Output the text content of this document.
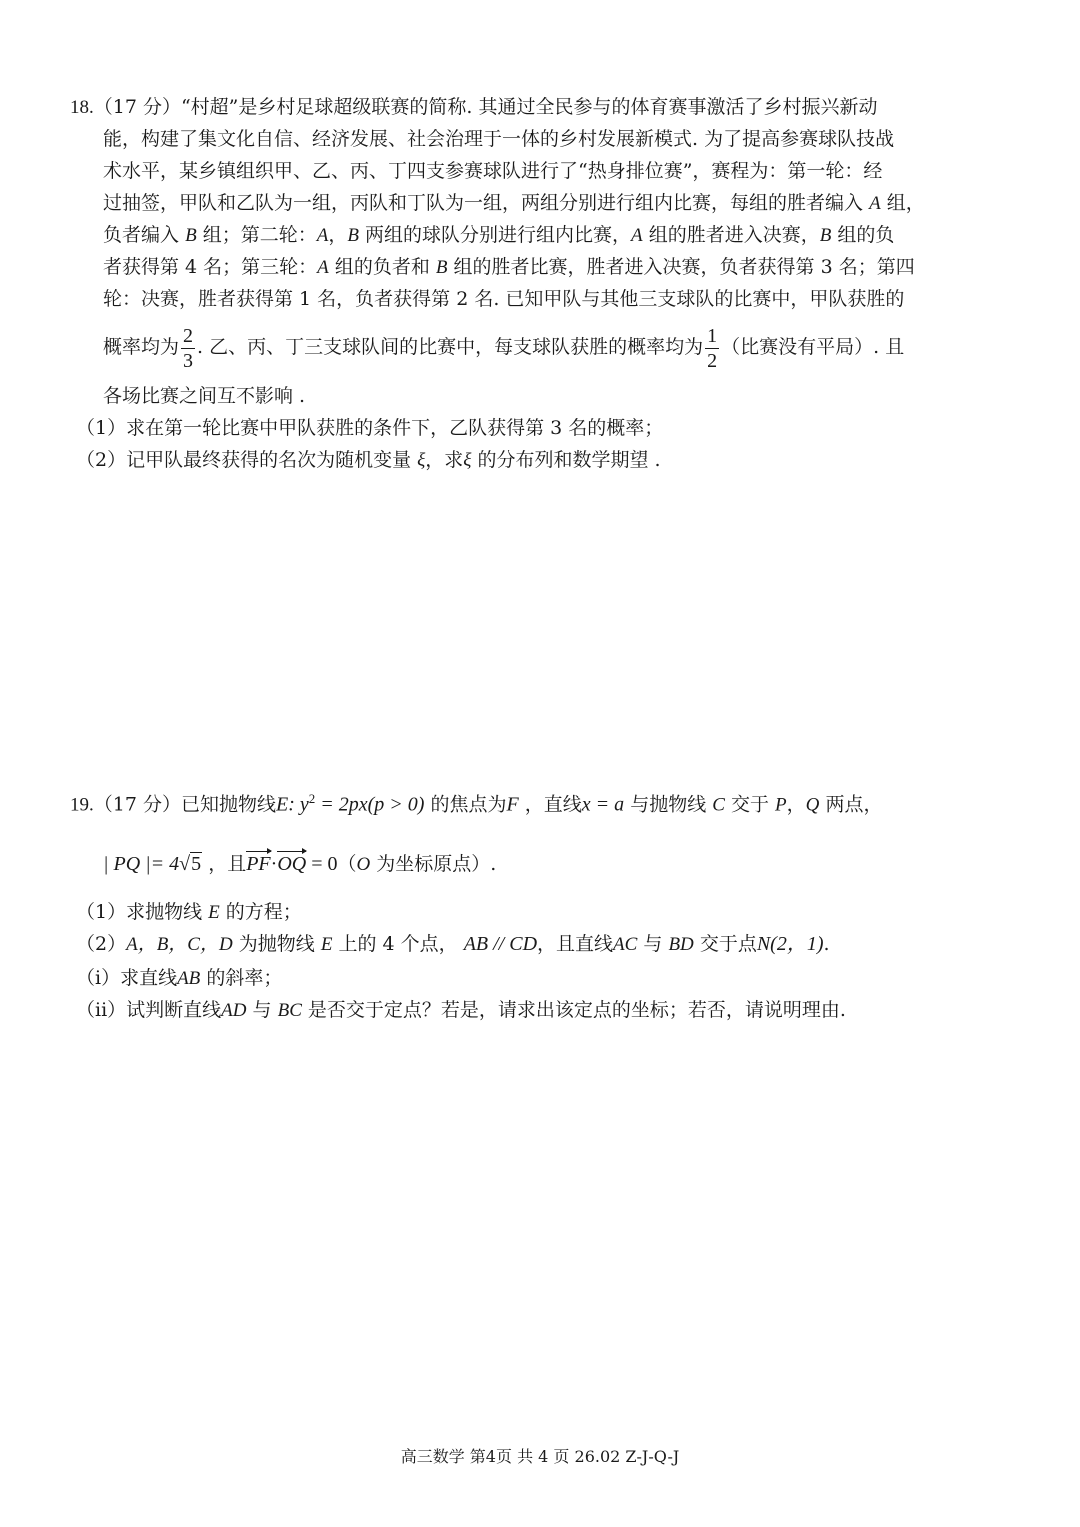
18.（17 分）“村超”是乡村足球超级联赛的简称. 其通过全民参与的体育赛事激活了乡村振兴新动
能，构建了集文化自信、经济发展、社会治理于一体的乡村发展新模式. 为了提高参赛球队技战
术水平，某乡镇组织甲、乙、丙、丁四支参赛球队进行了“热身排位赛”，赛程为：第一轮：经
过抽签，甲队和乙队为一组，丙队和丁队为一组，两组分别进行组内比赛，每组的胜者编入 A 组，
负者编入 B 组；第二轮：A，B 两组的球队分别进行组内比赛，A 组的胜者进入决赛，B 组的负
者获得第 4 名；第三轮：A 组的负者和 B 组的胜者比赛，胜者进入决赛，负者获得第 3 名；第四
轮：决赛，胜者获得第 1 名，负者获得第 2 名. 已知甲队与其他三支球队的比赛中，甲队获胜的
概率均为 $\frac{2}{3}$ . 乙、丙、丁三支球队间的比赛中，每支球队获胜的概率均为 $\frac{1}{2}$ （比赛没有平局）. 且
各场比赛之间互不影响 .
（1）求在第一轮比赛中甲队获胜的条件下，乙队获得第 3 名的概率；
（2）记甲队最终获得的名次为随机变量 ξ，求ξ 的分布列和数学期望 .
19.（17 分）已知抛物线E: $y^2 = 2px(p > 0)$ 的焦点为F ，直线x = a 与抛物线 C 交于 P，Q 两点，
| PQ |= 4√5 ，且PF·OQ = 0（O 为坐标原点）.
（1）求抛物线 E 的方程；
（2）A，B，C，D 为抛物线 E 上的 4 个点， AB // CD，且直线AC 与 BD 交于点N(2，1).
（i）求直线AB 的斜率；
（ii）试判断直线AD 与 BC 是否交于定点？若是，请求出该定点的坐标；若否，请说明理由.
高三数学 第4页 共 4 页 26.02 Z-J-Q-J
